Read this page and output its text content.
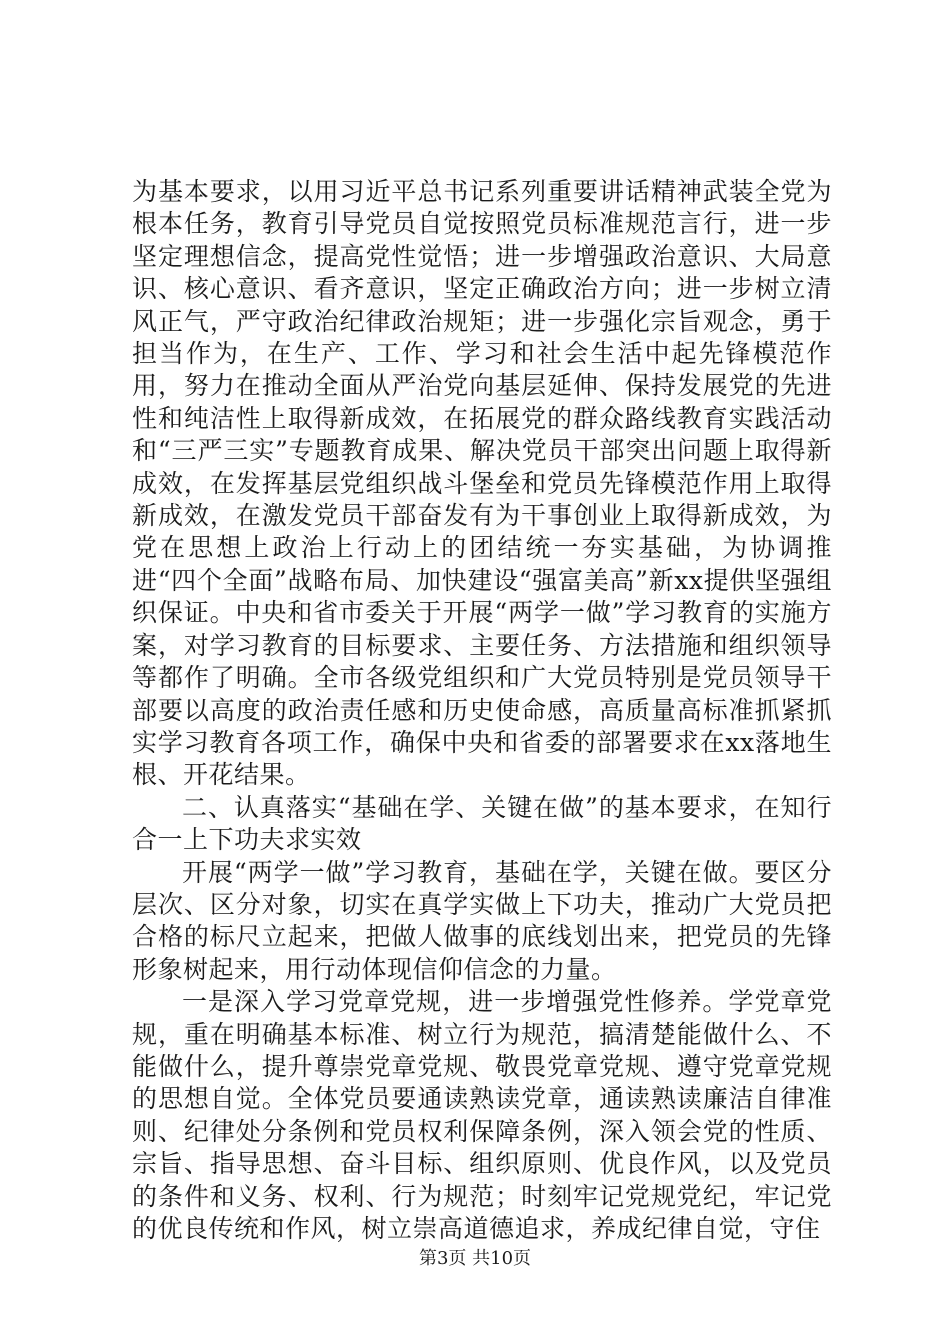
为基本要求，以用习近平总书记系列重要讲话精神武装全党为根本任务，教育引导党员自觉按照党员标准规范言行，进一步坚定理想信念，提高党性觉悟；进一步增强政治意识、大局意识、核心意识、看齐意识，坚定正确政治方向；进一步树立清风正气，严守政治纪律政治规矩；进一步强化宗旨观念，勇于担当作为，在生产、工作、学习和社会生活中起先锋模范作用，努力在推动全面从严治党向基层延伸、保持发展党的先进性和纯洁性上取得新成效，在拓展党的群众路线教育实践活动和“三严三实”专题教育成果、解决党员干部突出问题上取得新成效，在发挥基层党组织战斗堡垒和党员先锋模范作用上取得新成效，在激发党员干部奋发有为干事创业上取得新成效，为党在思想上政治上行动上的团结统一夯实基础，为协调推进“四个全面”战略布局、加快建设“强富美高”新xx提供坚强组织保证。中央和省市委关于开展“两学一做”学习教育的实施方案，对学习教育的目标要求、主要任务、方法措施和组织领导等都作了明确。全市各级党组织和广大党员特别是党员领导干部要以高度的政治责任感和历史使命感，高质量高标准抓紧抓实学习教育各项工作，确保中央和省委的部署要求在xx落地生根、开花结果。

二、认真落实“基础在学、关键在做”的基本要求，在知行合一上下功夫求实效

开展“两学一做”学习教育，基础在学，关键在做。要区分层次、区分对象，切实在真学实做上下功夫，推动广大党员把合格的标尺立起来，把做人做事的底线划出来，把党员的先锋形象树起来，用行动体现信仰信念的力量。

一是深入学习党章党规，进一步增强党性修养。学党章党规，重在明确基本标准、树立行为规范，搞清楚能做什么、不能做什么，提升尊崇党章党规、敬畏党章党规、遵守党章党规的思想自觉。全体党员要通读熟读党章，通读熟读廉洁自律准则、纪律处分条例和党员权利保障条例，深入领会党的性质、宗旨、指导思想、奋斗目标、组织原则、优良作风，以及党员的条件和义务、权利、行为规范；时刻牢记党规党纪，牢记党的优良传统和作风，树立崇高道德追求，养成纪律自觉，守住

第3页 共10页
